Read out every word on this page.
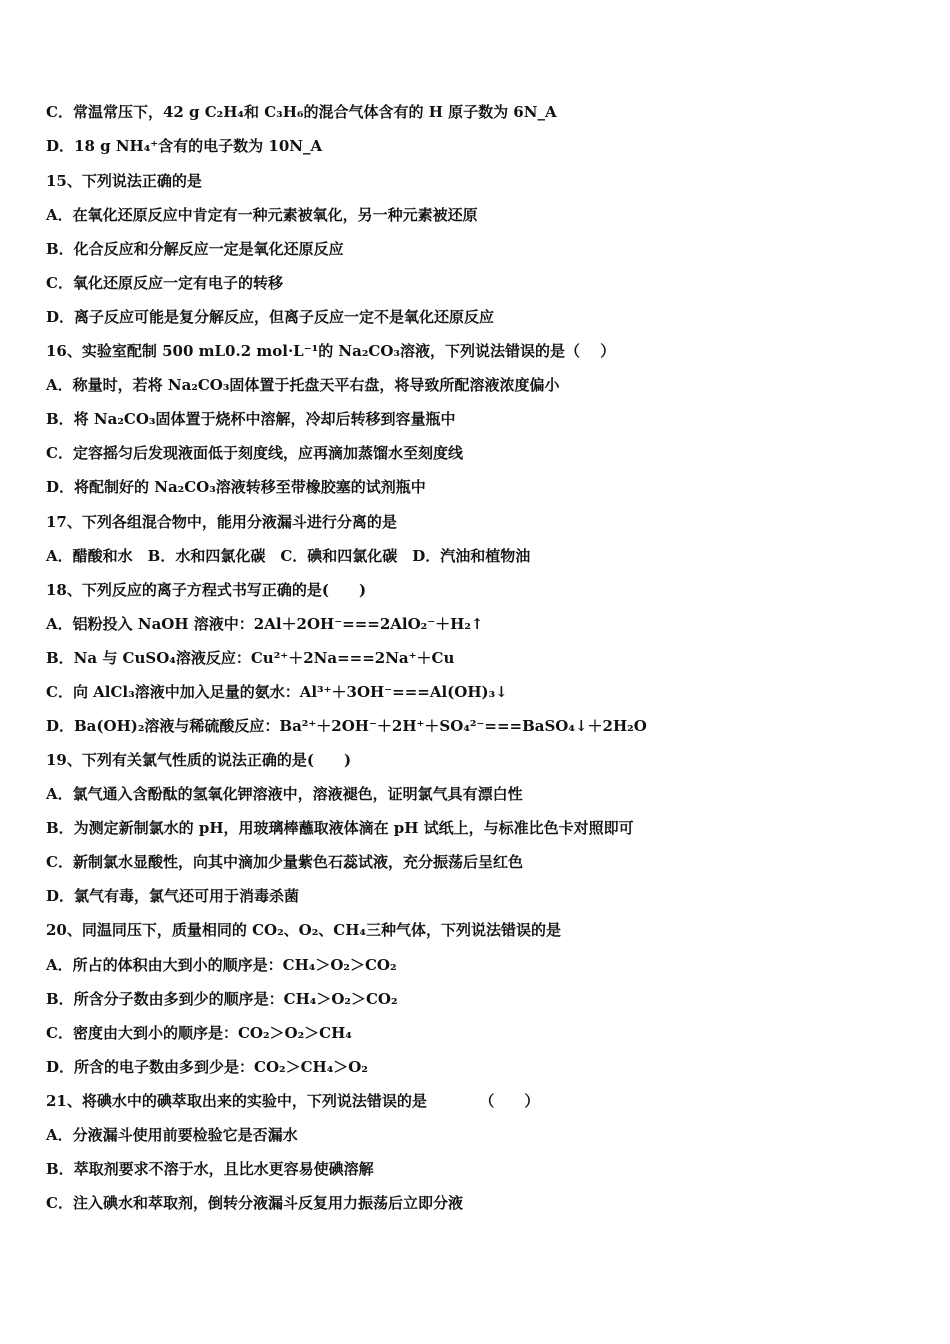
C．常温常压下，42 g C₂H₄和 C₃H₆的混合气体含有的 H 原子数为 6N_A
D．18 g NH₄⁺含有的电子数为 10N_A
15、下列说法正确的是
A．在氧化还原反应中肯定有一种元素被氧化，另一种元素被还原
B．化合反应和分解反应一定是氧化还原反应
C．氧化还原反应一定有电子的转移
D．离子反应可能是复分解反应，但离子反应一定不是氧化还原反应
16、实验室配制 500 mL0.2 mol·L⁻¹的 Na₂CO₃溶液，下列说法错误的是（　 ）
A．称量时，若将 Na₂CO₃固体置于托盘天平右盘，将导致所配溶液浓度偏小
B．将 Na₂CO₃固体置于烧杯中溶解，冷却后转移到容量瓶中
C．定容摇匀后发现液面低于刻度线，应再滴加蒸馏水至刻度线
D．将配制好的 Na₂CO₃溶液转移至带橡胶塞的试剂瓶中
17、下列各组混合物中，能用分液漏斗进行分离的是
A．醋酸和水　B．水和四氯化碳　C．碘和四氯化碳　D．汽油和植物油
18、下列反应的离子方程式书写正确的是(　　)
A．铝粉投入 NaOH 溶液中：2Al＋2OH⁻===2AlO₂⁻＋H₂↑
B．Na 与 CuSO₄溶液反应：Cu²⁺＋2Na===2Na⁺＋Cu
C．向 AlCl₃溶液中加入足量的氨水：Al³⁺＋3OH⁻===Al(OH)₃↓
D．Ba(OH)₂溶液与稀硫酸反应：Ba²⁺＋2OH⁻＋2H⁺＋SO₄²⁻===BaSO₄↓＋2H₂O
19、下列有关氯气性质的说法正确的是(　　)
A．氯气通入含酚酞的氢氧化钾溶液中，溶液褪色，证明氯气具有漂白性
B．为测定新制氯水的 pH，用玻璃棒蘸取液体滴在 pH 试纸上，与标准比色卡对照即可
C．新制氯水显酸性，向其中滴加少量紫色石蕊试液，充分振荡后呈红色
D．氯气有毒，氯气还可用于消毒杀菌
20、同温同压下，质量相同的 CO₂、O₂、CH₄三种气体，下列说法错误的是
A．所占的体积由大到小的顺序是：CH₄＞O₂＞CO₂
B．所含分子数由多到少的顺序是：CH₄＞O₂＞CO₂
C．密度由大到小的顺序是：CO₂＞O₂＞CH₄
D．所含的电子数由多到少是：CO₂＞CH₄＞O₂
21、将碘水中的碘萃取出来的实验中，下列说法错误的是　　　　（　　）
A．分液漏斗使用前要检验它是否漏水
B．萃取剂要求不溶于水，且比水更容易使碘溶解
C．注入碘水和萃取剂，倒转分液漏斗反复用力振荡后立即分液
